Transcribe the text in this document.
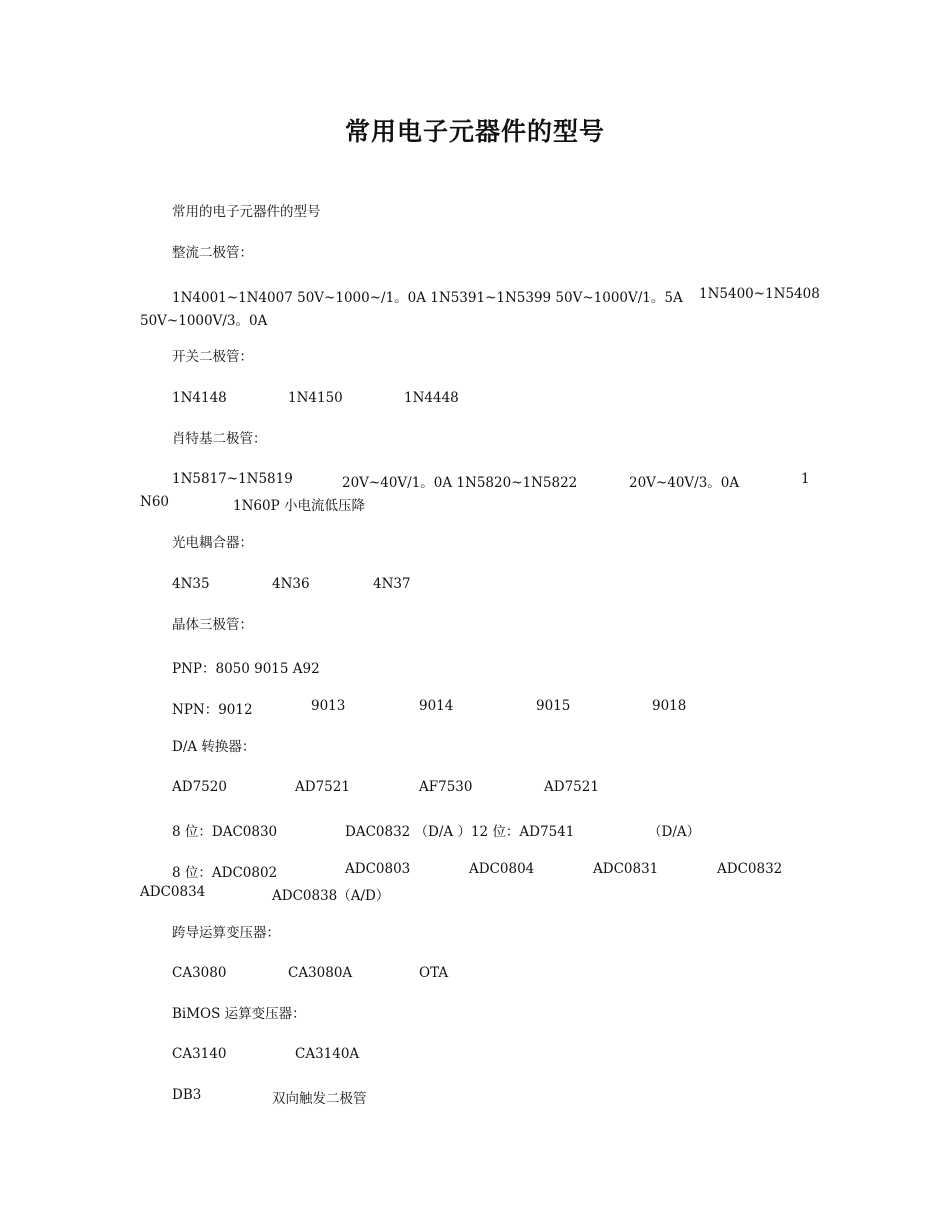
常用电子元器件的型号
常用的电子元器件的型号
整流二极管：
1N4001~1N4007 50V~1000~/1。0A 1N5391~1N5399 50V~1000V/1。5A 1N5400~1N5408
50V~1000V/3。0A
开关二极管：
1N4148	1N4150	1N4448
肖特基二极管：
1N5817~1N5819	20V~40V/1。0A 1N5820~1N5822	20V~40V/3。0A	1
N60	1N60P 小电流低压降
光电耦合器：
4N35	4N36	4N37
晶体三极管：
PNP：8050 9015 A92
NPN：9012	9013	9014	9015	9018
D/A 转换器：
AD7520	AD7521	AF7530	AD7521
8 位：DAC0830	DAC0832 （D/A ）12 位：AD7541	（D/A）
8 位：ADC0802	ADC0803	ADC0804	ADC0831	ADC0832
ADC0834	ADC0838（A/D）
跨导运算变压器：
CA3080	CA3080A	OTA
BiMOS 运算变压器：
CA3140	CA3140A
DB3	双向触发二极管
